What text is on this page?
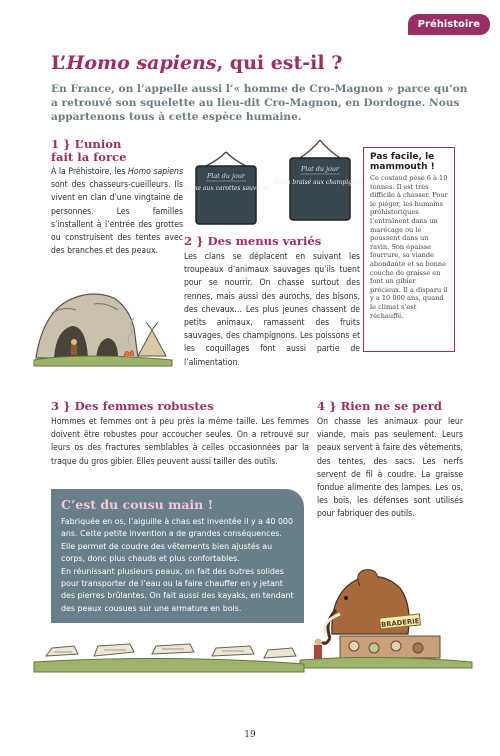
Préhistoire
L’Homo sapiens, qui est-il ?

En France, on l’appelle aussi l’« homme de Cro-Magnon » parce qu’on a retrouvé son squelette au lieu-dit Cro-Magnon, en Dordogne. Nous appartenons tous à cette espèce humaine.

1 } L’union
fait la force

À la Préhistoire, les Homo sapiens sont des chasseurs-cueilleurs. Ils vivent en clan d’une vingtaine de personnes. Les familles s’installent à l’entrée des grottes ou construisent des tentes avec des branches et des peaux.

Plat du jour
Renne aux carottes sauvages
Plat du jour
Bison braisé aux champignons
2 } Des menus variés

Les clans se déplacent en suivant les troupeaux d’animaux sauvages qu’ils tuent pour se nourrir. On chasse surtout des rennes, mais aussi des aurochs, des bisons, des chevaux… Les plus jeunes chassent de petits animaux, ramassent des fruits sauvages, des champignons. Les poissons et les coquillages font aussi partie de l’alimentation.

Pas facile, le mammouth !

Ce costaud pèse 6 à 10 tonnes. Il est très difficile à chasser. Pour le piéger, les humains préhistoriques l’entraînent dans un marécage ou le poussent dans un ravin. Son épaisse fourrure, sa viande abondante et sa bonne couche de graisse en font un gibier précieux. Il a disparu il y a 10 000 ans, quand le climat s’est réchauffé.

3 } Des femmes robustes

Hommes et femmes ont à peu près la même taille. Les femmes doivent être robustes pour accoucher seules. On a retrouvé sur leurs os des fractures semblables à celles occasionnées par la traque du gros gibier. Elles peuvent aussi tailler des outils.

4 } Rien ne se perd

On chasse les animaux pour leur viande, mais pas seulement. Leurs peaux servent à faire des vêtements, des tentes, des sacs. Les nerfs servent de fil à coudre. La graisse fondue alimente des lampes. Les os, les bois, les défenses sont utilisés pour fabriquer des outils.

C’est du cousu main !

Fabriquée en os, l’aiguille à chas est inventée il y a 40 000 ans. Cette petite invention a de grandes conséquences. Elle permet de coudre des vêtements bien ajustés au corps, donc plus chauds et plus confortables.

En réunissant plusieurs peaux, on fait des outres solides pour transporter de l’eau ou la faire chauffer en y jetant des pierres brûlantes. On fait aussi des kayaks, en tendant des peaux cousues sur une armature en bois.

BRADERIE
19
